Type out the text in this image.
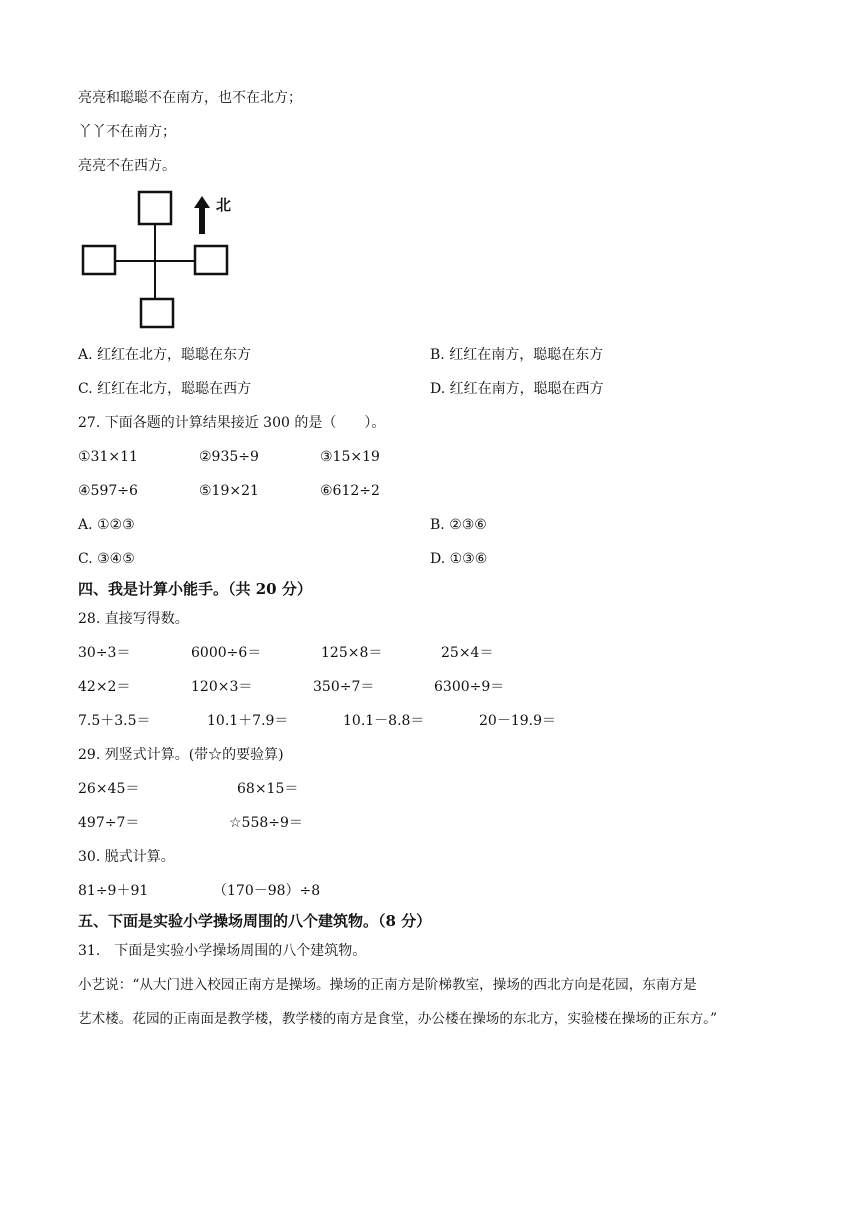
亮亮和聪聪不在南方，也不在北方；
丫丫不在南方；
亮亮不在西方。
北
A. 红红在北方，聪聪在东方	B. 红红在南方，聪聪在东方
C. 红红在北方，聪聪在西方	D. 红红在南方，聪聪在西方
27. 下面各题的计算结果接近 300 的是（　　）。
①31×11	②935÷9	③15×19
④597÷6	⑤19×21	⑥612÷2
A. ①②③	B. ②③⑥
C. ③④⑤	D. ①③⑥
四、我是计算小能手。（共 20 分）
28. 直接写得数。
30÷3＝	6000÷6＝	125×8＝	25×4＝
42×2＝	120×3＝	350÷7＝	6300÷9＝
7.5＋3.5＝	10.1＋7.9＝	10.1－8.8＝	20－19.9＝
29. 列竖式计算。(带☆的要验算)
26×45＝	68×15＝
497÷7＝	☆558÷9＝
30. 脱式计算。
81÷9＋91	（170－98）÷8
五、下面是实验小学操场周围的八个建筑物。（8 分）
31.　下面是实验小学操场周围的八个建筑物。
小艺说：“从大门进入校园正南方是操场。操场的正南方是阶梯教室，操场的西北方向是花园，东南方是
艺术楼。花园的正南面是教学楼，教学楼的南方是食堂，办公楼在操场的东北方，实验楼在操场的正东方。”
